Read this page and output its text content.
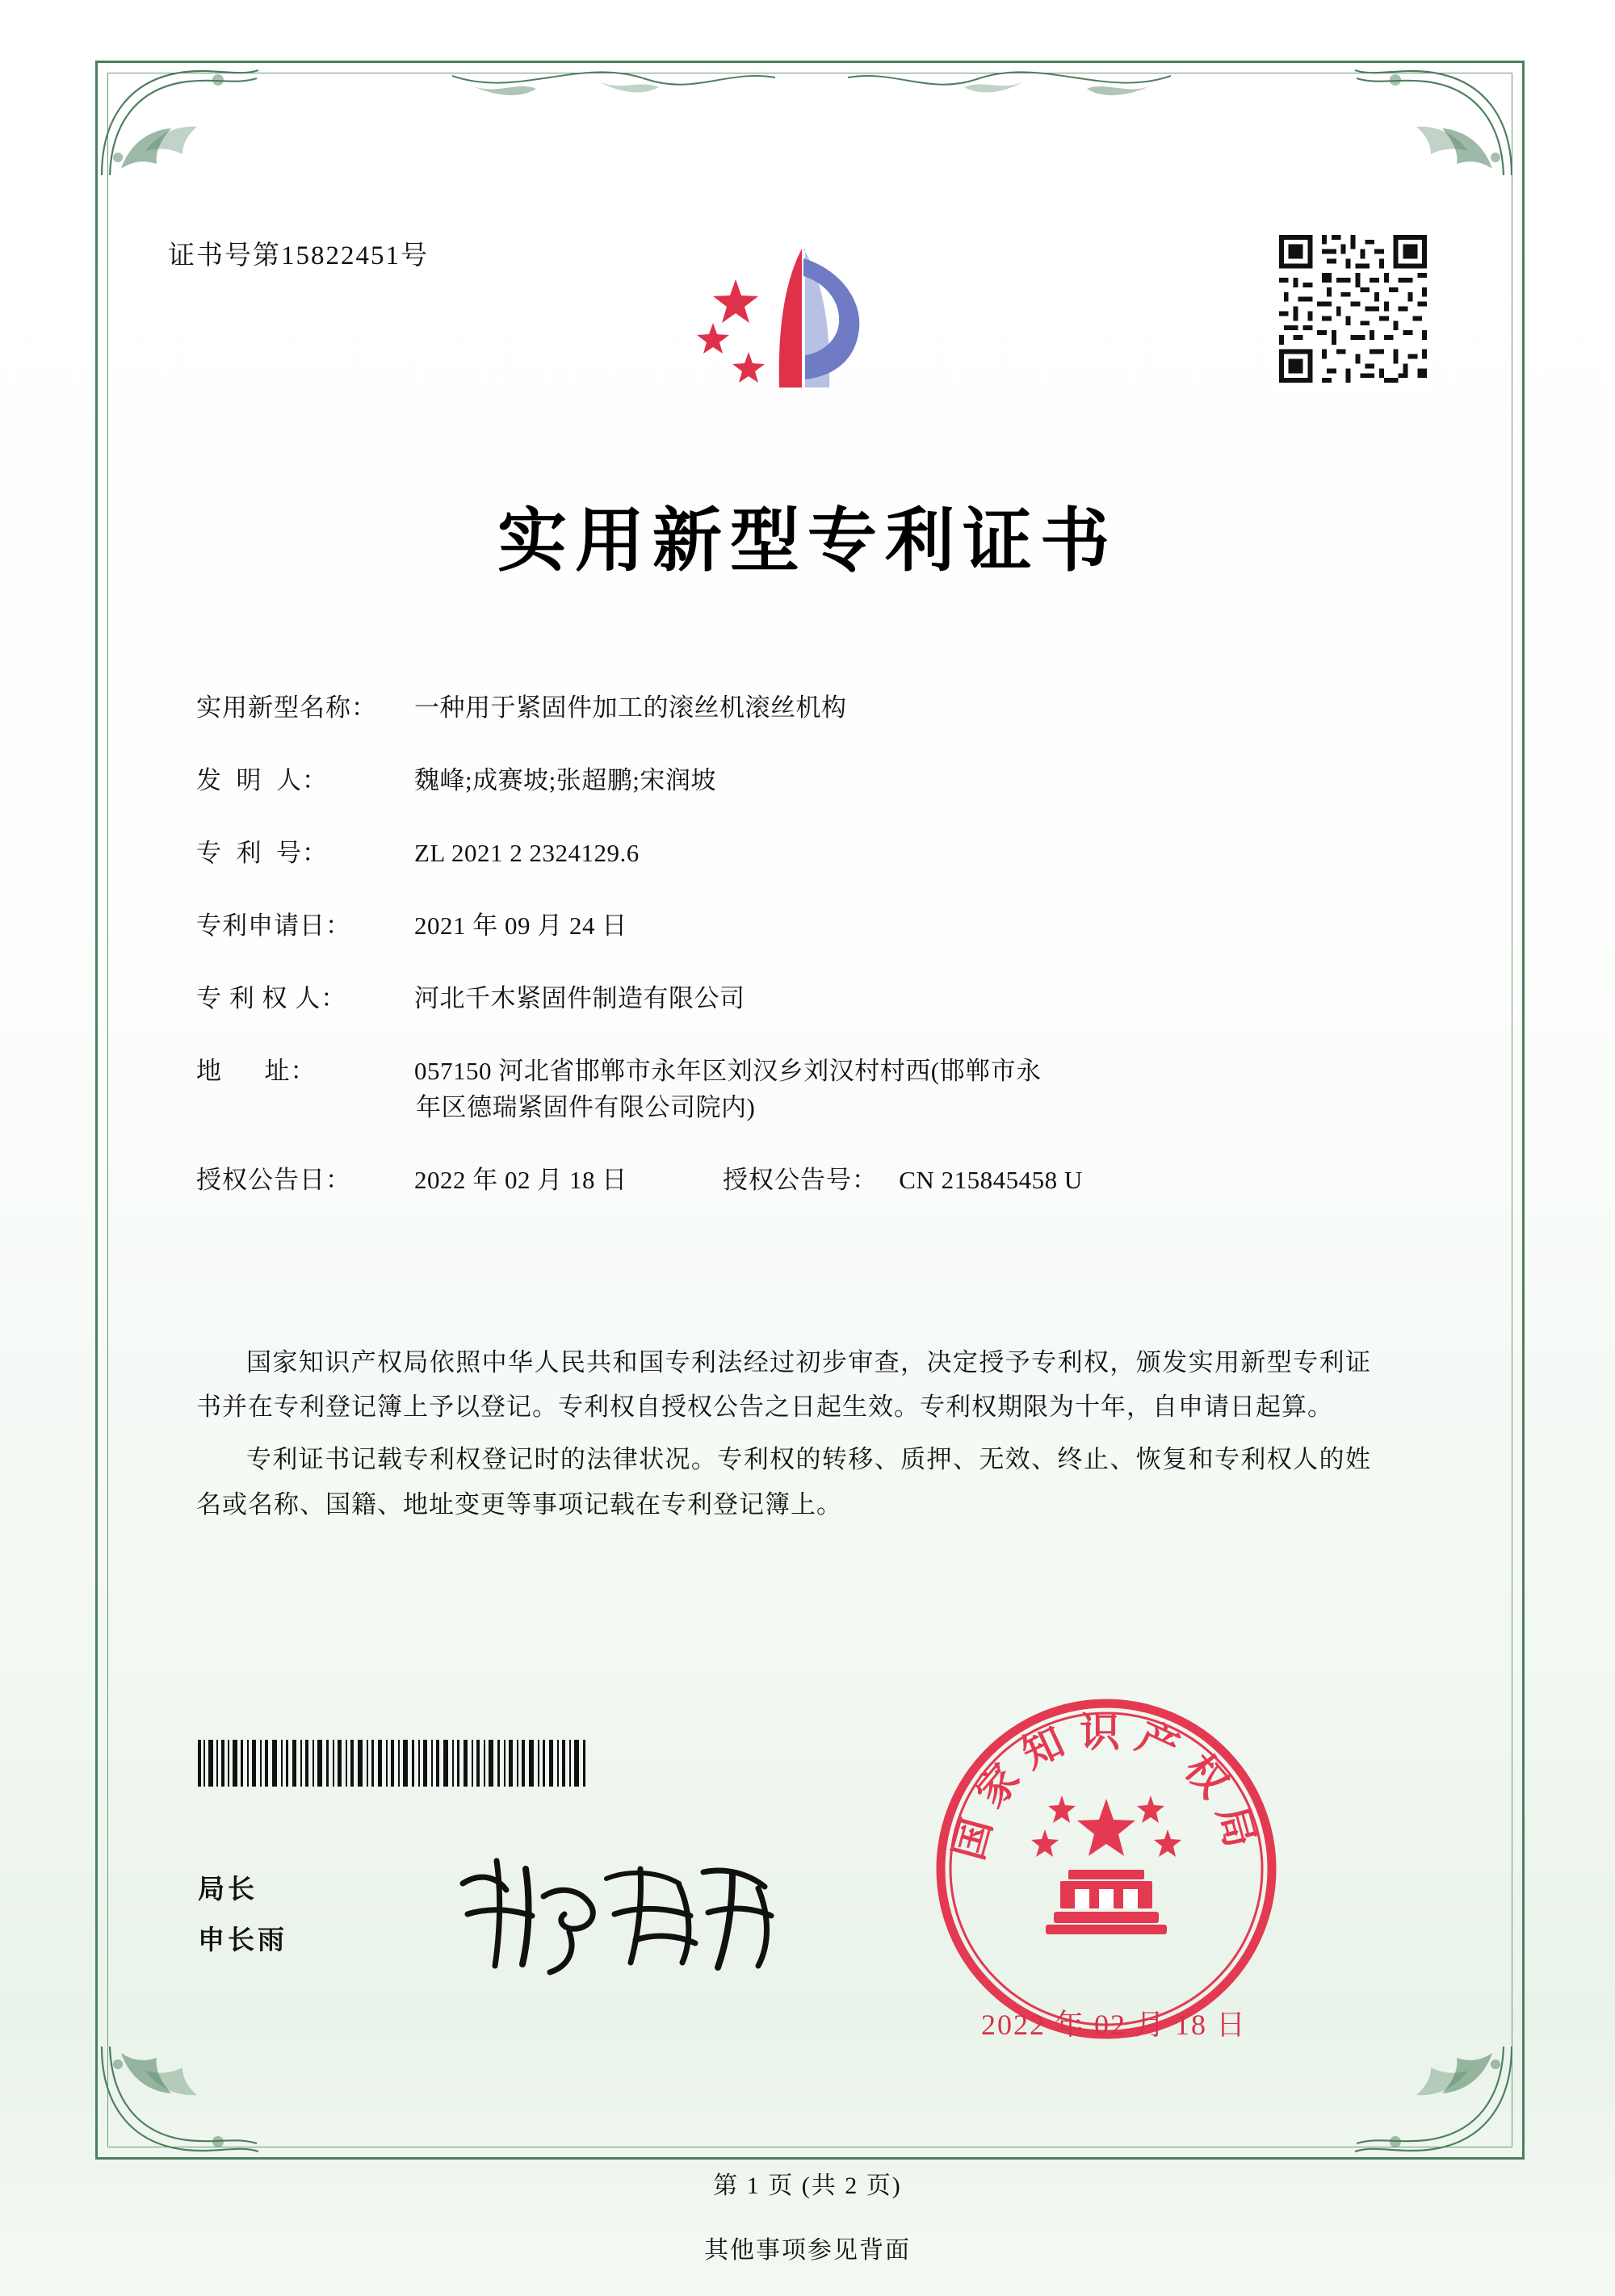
证书号第15822451号
实用新型专利证书
实用新型名称：	一种用于紧固件加工的滚丝机滚丝机构
发  明  人：	魏峰;成赛坡;张超鹏;宋润坡
专  利  号：	ZL 2021 2 2324129.6
专利申请日：	2021 年 09 月 24 日
专 利 权 人：	河北千木紧固件制造有限公司
地      址：	057150 河北省邯郸市永年区刘汉乡刘汉村村西(邯郸市永
年区德瑞紧固件有限公司院内)
授权公告日：	2022 年 02 月 18 日	授权公告号： CN 215845458 U

国家知识产权局依照中华人民共和国专利法经过初步审查，决定授予专利权，颁发实用新型专利证书并在专利登记簿上予以登记。专利权自授权公告之日起生效。专利权期限为十年，自申请日起算。

专利证书记载专利权登记时的法律状况。专利权的转移、质押、无效、终止、恢复和专利权人的姓名或名称、国籍、地址变更等事项记载在专利登记簿上。

局长
申长雨
国家知识产权局
2022 年 02 月 18 日
第 1 页 (共 2 页)
其他事项参见背面
